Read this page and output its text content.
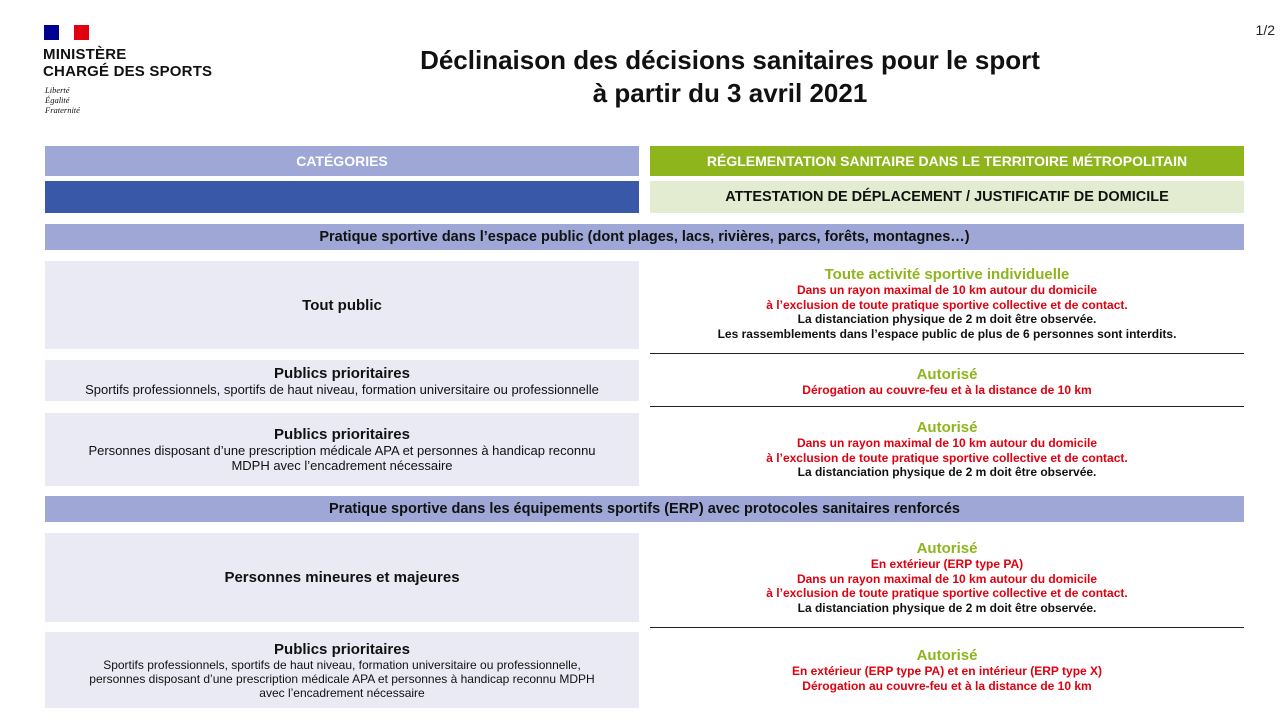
MINISTÈRE
CHARGÉ DES SPORTS
Liberté
Égalité
Fraternité
1/2
Déclinaison des décisions sanitaires pour le sport
à partir du 3 avril 2021
CATÉGORIES	RÉGLEMENTATION SANITAIRE DANS LE TERRITOIRE MÉTROPOLITAIN
ATTESTATION DE DÉPLACEMENT / JUSTIFICATIF DE DOMICILE
Pratique sportive dans l’espace public (dont plages, lacs, rivières, parcs, forêts, montagnes…)
Tout public
Toute activité sportive individuelle
Dans un rayon maximal de 10 km autour du domicile
à l’exclusion de toute pratique sportive collective et de contact.
La distanciation physique de 2 m doit être observée.
Les rassemblements dans l’espace public de plus de 6 personnes sont interdits.
Publics prioritaires
Sportifs professionnels, sportifs de haut niveau, formation universitaire ou professionnelle
Autorisé
Dérogation au couvre-feu et à la distance de 10 km
Publics prioritaires
Personnes disposant d’une prescription médicale APA et personnes à handicap reconnu
MDPH avec l’encadrement nécessaire
Autorisé
Dans un rayon maximal de 10 km autour du domicile
à l’exclusion de toute pratique sportive collective et de contact.
La distanciation physique de 2 m doit être observée.
Pratique sportive dans les équipements sportifs (ERP) avec protocoles sanitaires renforcés
Personnes mineures et majeures
Autorisé
En extérieur (ERP type PA)
Dans un rayon maximal de 10 km autour du domicile
à l’exclusion de toute pratique sportive collective et de contact.
La distanciation physique de 2 m doit être observée.
Publics prioritaires
Sportifs professionnels, sportifs de haut niveau, formation universitaire ou professionnelle,
personnes disposant d’une prescription médicale APA et personnes à handicap reconnu MDPH
avec l’encadrement nécessaire
Autorisé
En extérieur (ERP type PA) et en intérieur (ERP type X)
Dérogation au couvre-feu et à la distance de 10 km
